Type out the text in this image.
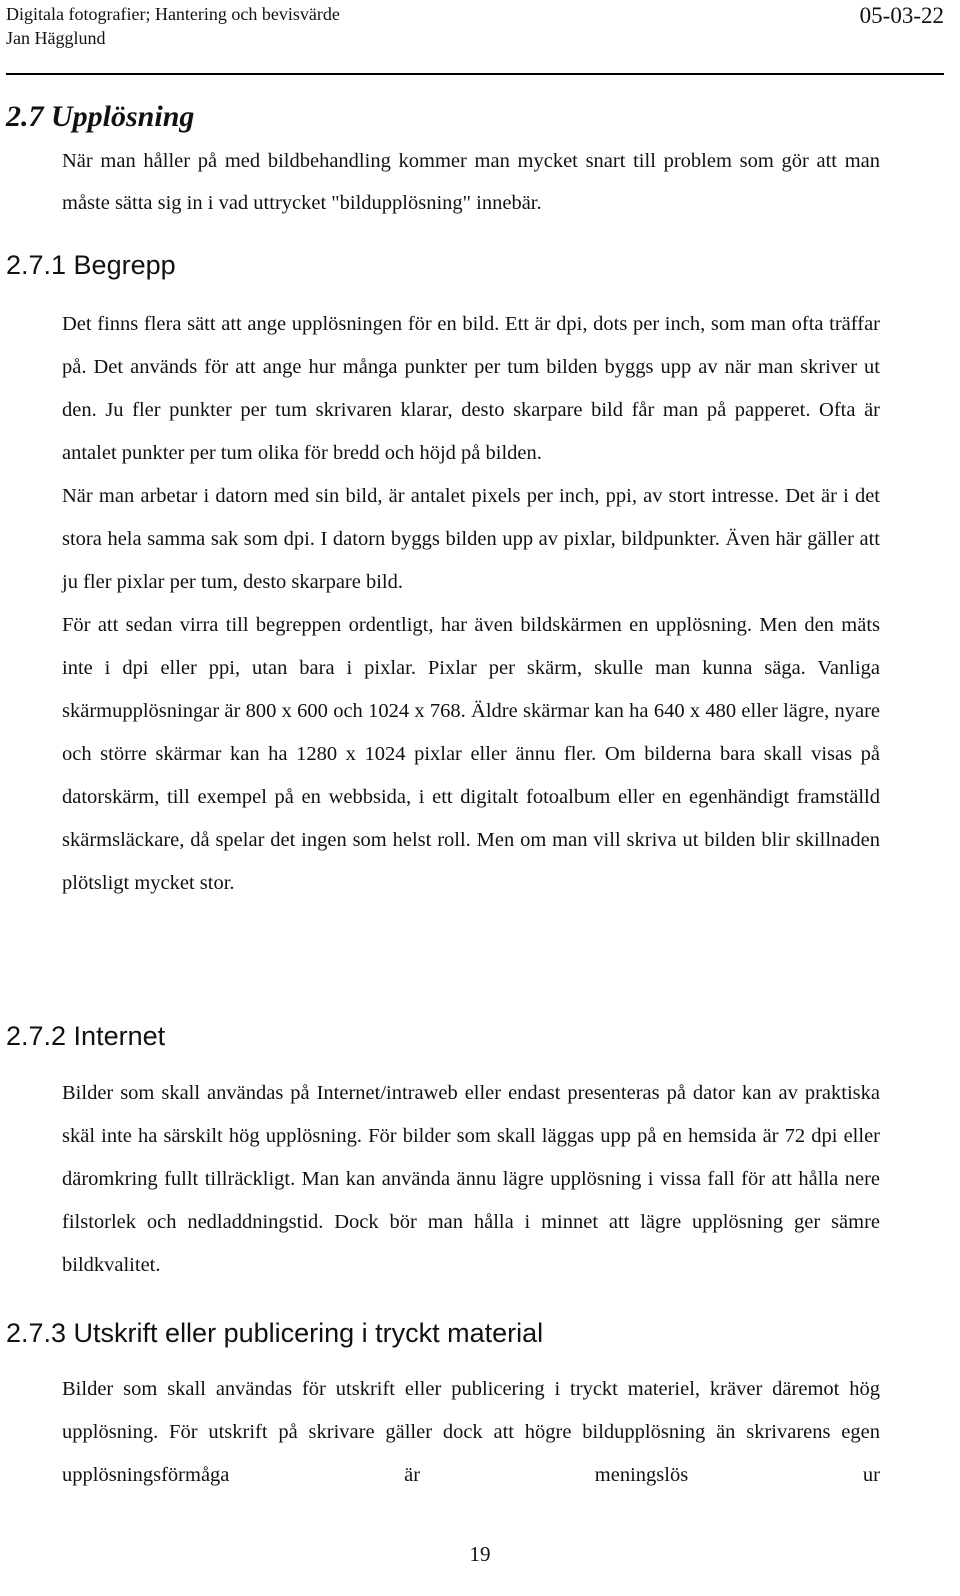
Digitala fotografier; Hantering och bevisvärde
Jan Hägglund
05-03-22
2.7 Upplösning

När man håller på med bildbehandling kommer man mycket snart till problem som gör att man måste sätta sig in i vad uttrycket "bildupplösning" innebär.

2.7.1 Begrepp

Det finns flera sätt att ange upplösningen för en bild. Ett är dpi, dots per inch, som man ofta träffar på. Det används för att ange hur många punkter per tum bilden byggs upp av när man skriver ut den. Ju fler punkter per tum skrivaren klarar, desto skarpare bild får man på papperet. Ofta är antalet punkter per tum olika för bredd och höjd på bilden.

När man arbetar i datorn med sin bild, är antalet pixels per inch, ppi, av stort intresse. Det är i det stora hela samma sak som dpi. I datorn byggs bilden upp av pixlar, bildpunkter. Även här gäller att ju fler pixlar per tum, desto skarpare bild.

För att sedan virra till begreppen ordentligt, har även bildskärmen en upplösning. Men den mäts inte i dpi eller ppi, utan bara i pixlar. Pixlar per skärm, skulle man kunna säga. Vanliga skärmupplösningar är 800 x 600 och 1024 x 768. Äldre skärmar kan ha 640 x 480 eller lägre, nyare och större skärmar kan ha 1280 x 1024 pixlar eller ännu fler. Om bilderna bara skall visas på datorskärm, till exempel på en webbsida, i ett digitalt fotoalbum eller en egenhändigt framställd skärmsläckare, då spelar det ingen som helst roll. Men om man vill skriva ut bilden blir skillnaden plötsligt mycket stor.

2.7.2 Internet

Bilder som skall användas på Internet/intraweb eller endast presenteras på dator kan av praktiska skäl inte ha särskilt hög upplösning. För bilder som skall läggas upp på en hemsida är 72 dpi eller däromkring fullt tillräckligt. Man kan använda ännu lägre upplösning i vissa fall för att hålla nere filstorlek och nedladdningstid. Dock bör man hålla i minnet att lägre upplösning ger sämre bildkvalitet.

2.7.3 Utskrift eller publicering i tryckt material

Bilder som skall användas för utskrift eller publicering i tryckt materiel, kräver däremot hög upplösning. För utskrift på skrivare gäller dock att högre bildupplösning än skrivarens egen upplösningsförmåga är meningslös ur

19
